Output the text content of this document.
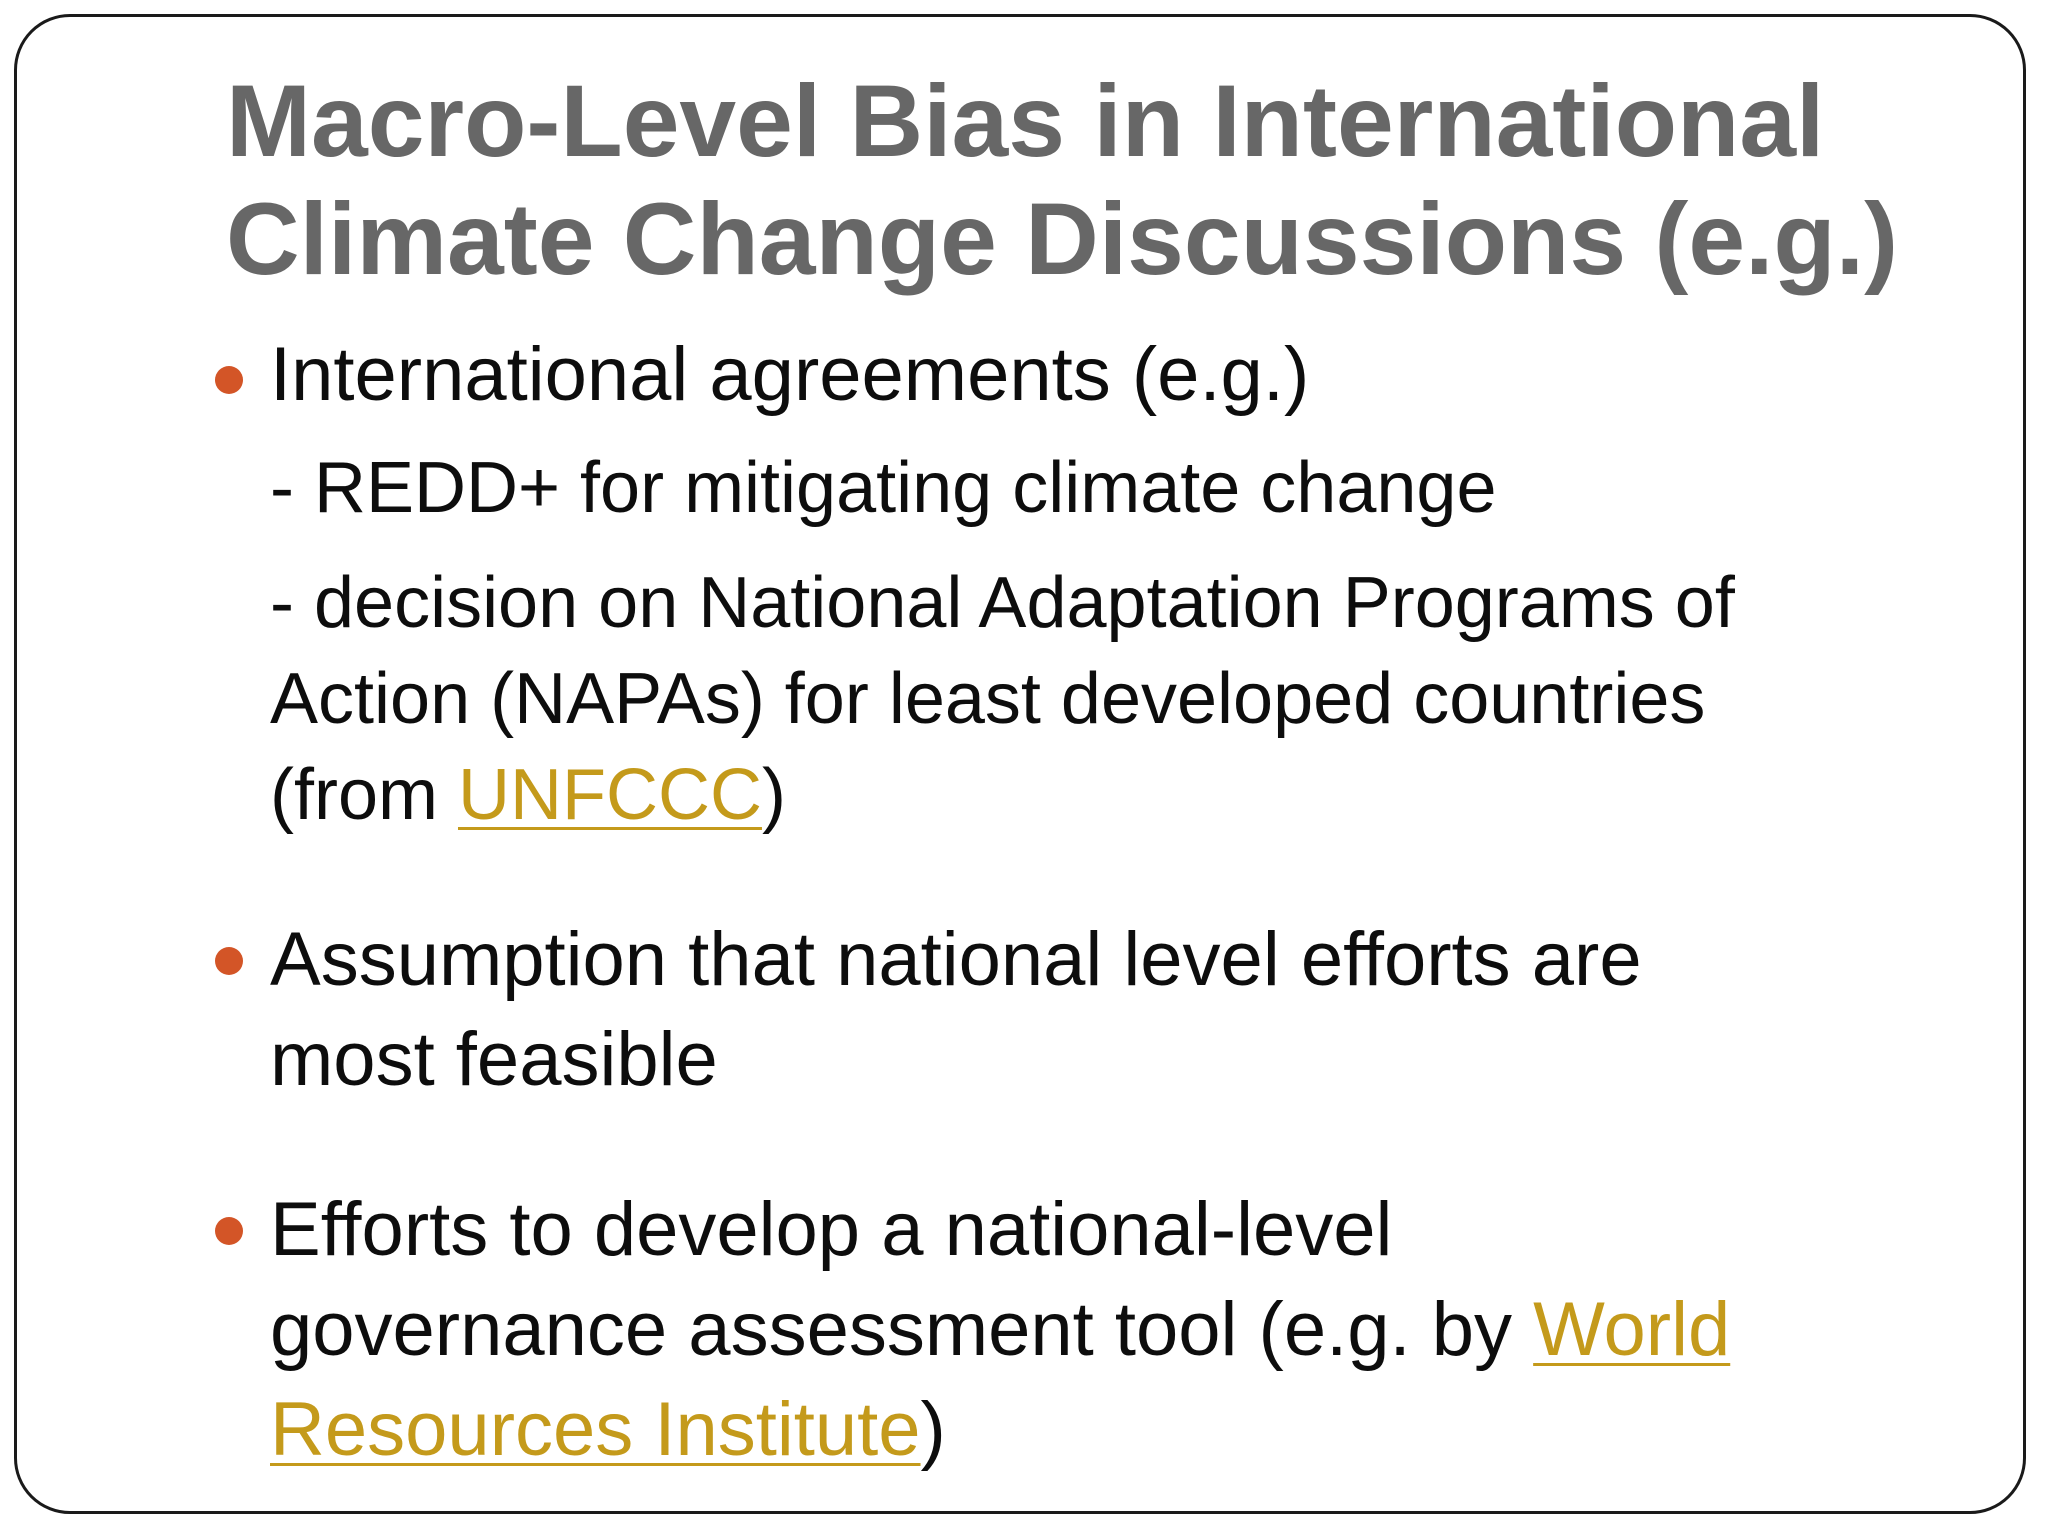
Macro-Level Bias in International
Climate Change Discussions (e.g.)

International agreements (e.g.)

- REDD+ for mitigating climate change

- decision on National Adaptation Programs of
Action (NAPAs) for least developed countries
(from UNFCCC)

Assumption that national level efforts are
most feasible

Efforts to develop a national-level
governance assessment tool (e.g. by World
Resources Institute)
